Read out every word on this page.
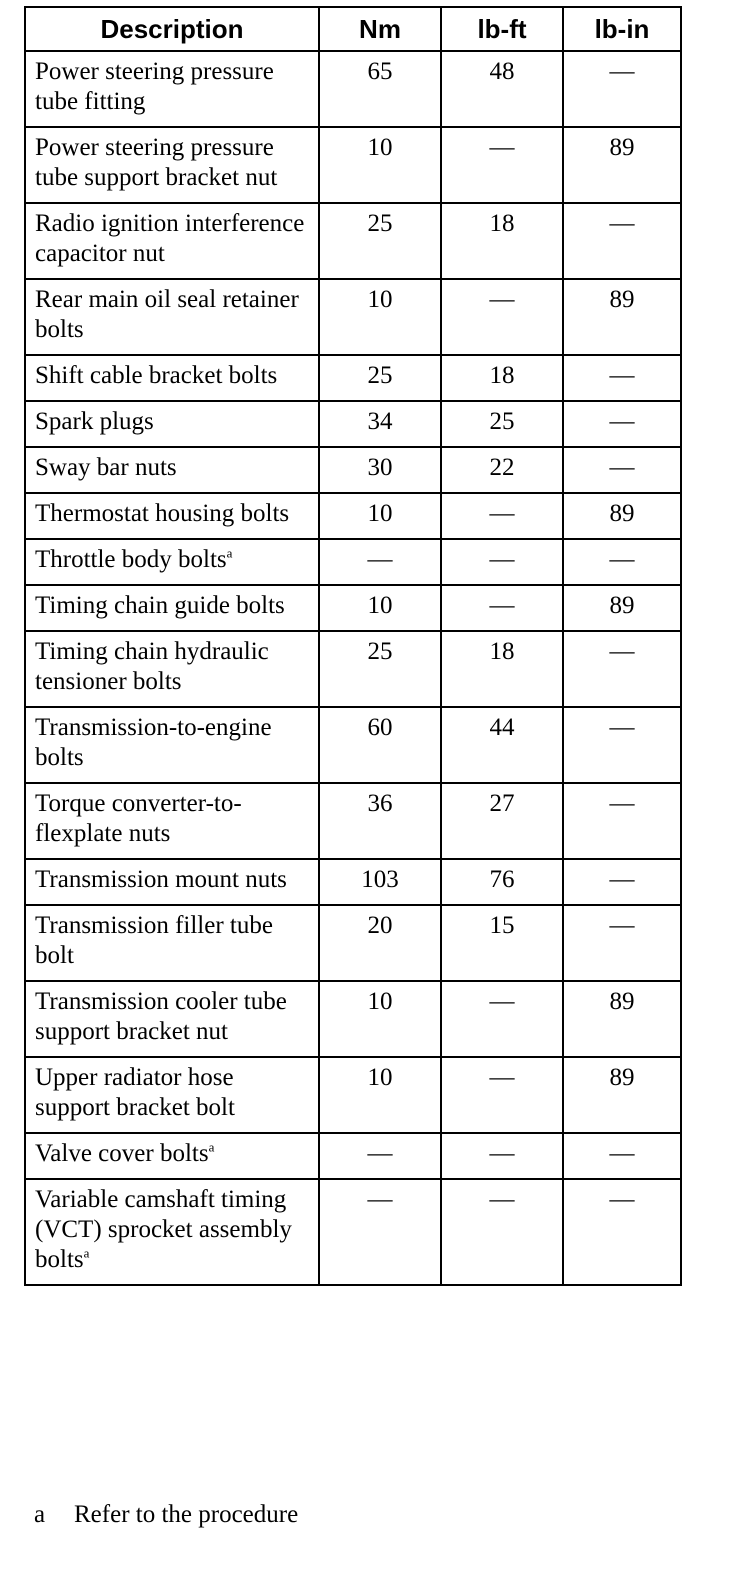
Description	Nm	lb-ft	lb-in
Power steering pressure tube fitting	65	48	—
Power steering pressure tube support bracket nut	10	—	89
Radio ignition interference capacitor nut	25	18	—
Rear main oil seal retainer bolts	10	—	89
Shift cable bracket bolts	25	18	—
Spark plugs	34	25	—
Sway bar nuts	30	22	—
Thermostat housing bolts	10	—	89
Throttle body bolts$^a$	—	—	—
Timing chain guide bolts	10	—	89
Timing chain hydraulic tensioner bolts	25	18	—
Transmission-to-engine bolts	60	44	—
Torque converter-to-flexplate nuts	36	27	—
Transmission mount nuts	103	76	—
Transmission filler tube bolt	20	15	—
Transmission cooler tube support bracket nut	10	—	89
Upper radiator hose support bracket bolt	10	—	89
Valve cover bolts$^a$	—	—	—
Variable camshaft timing (VCT) sprocket assembly bolts$^a$	—	—	—
a Refer to the procedure
